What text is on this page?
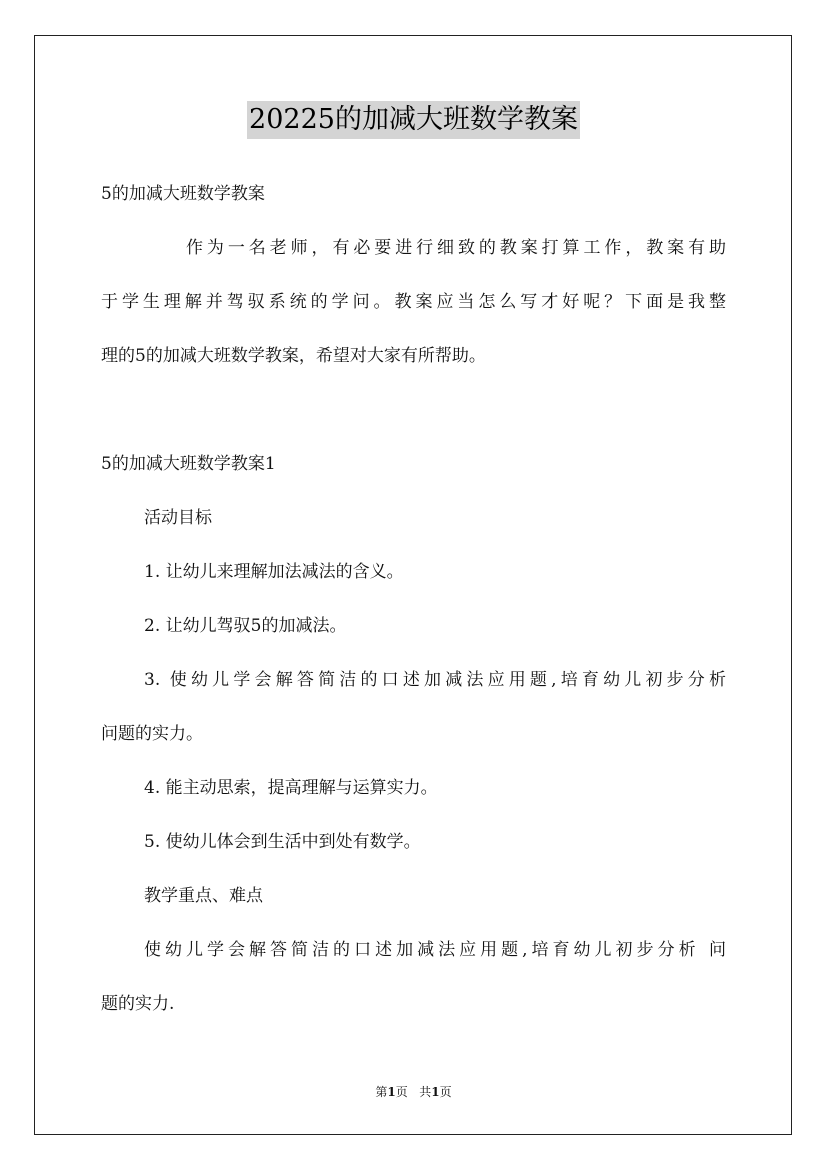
20225的加减大班数学教案
5的加减大班数学教案
作为一名老师，有必要进行细致的教案打算工作，教案有助
于学生理解并驾驭系统的学问。教案应当怎么写才好呢？下面是我整
理的5的加减大班数学教案，希望对大家有所帮助。
5的加减大班数学教案1
活动目标
1. 让幼儿来理解加法减法的含义。
2. 让幼儿驾驭5的加减法。
3. 使幼儿学会解答简洁的口述加减法应用题,培育幼儿初步分析
问题的实力。
4. 能主动思索，提高理解与运算实力。
5. 使幼儿体会到生活中到处有数学。
教学重点、难点
使幼儿学会解答简洁的口述加减法应用题,培育幼儿初步分析 问
题的实力.
第1页 共1页
